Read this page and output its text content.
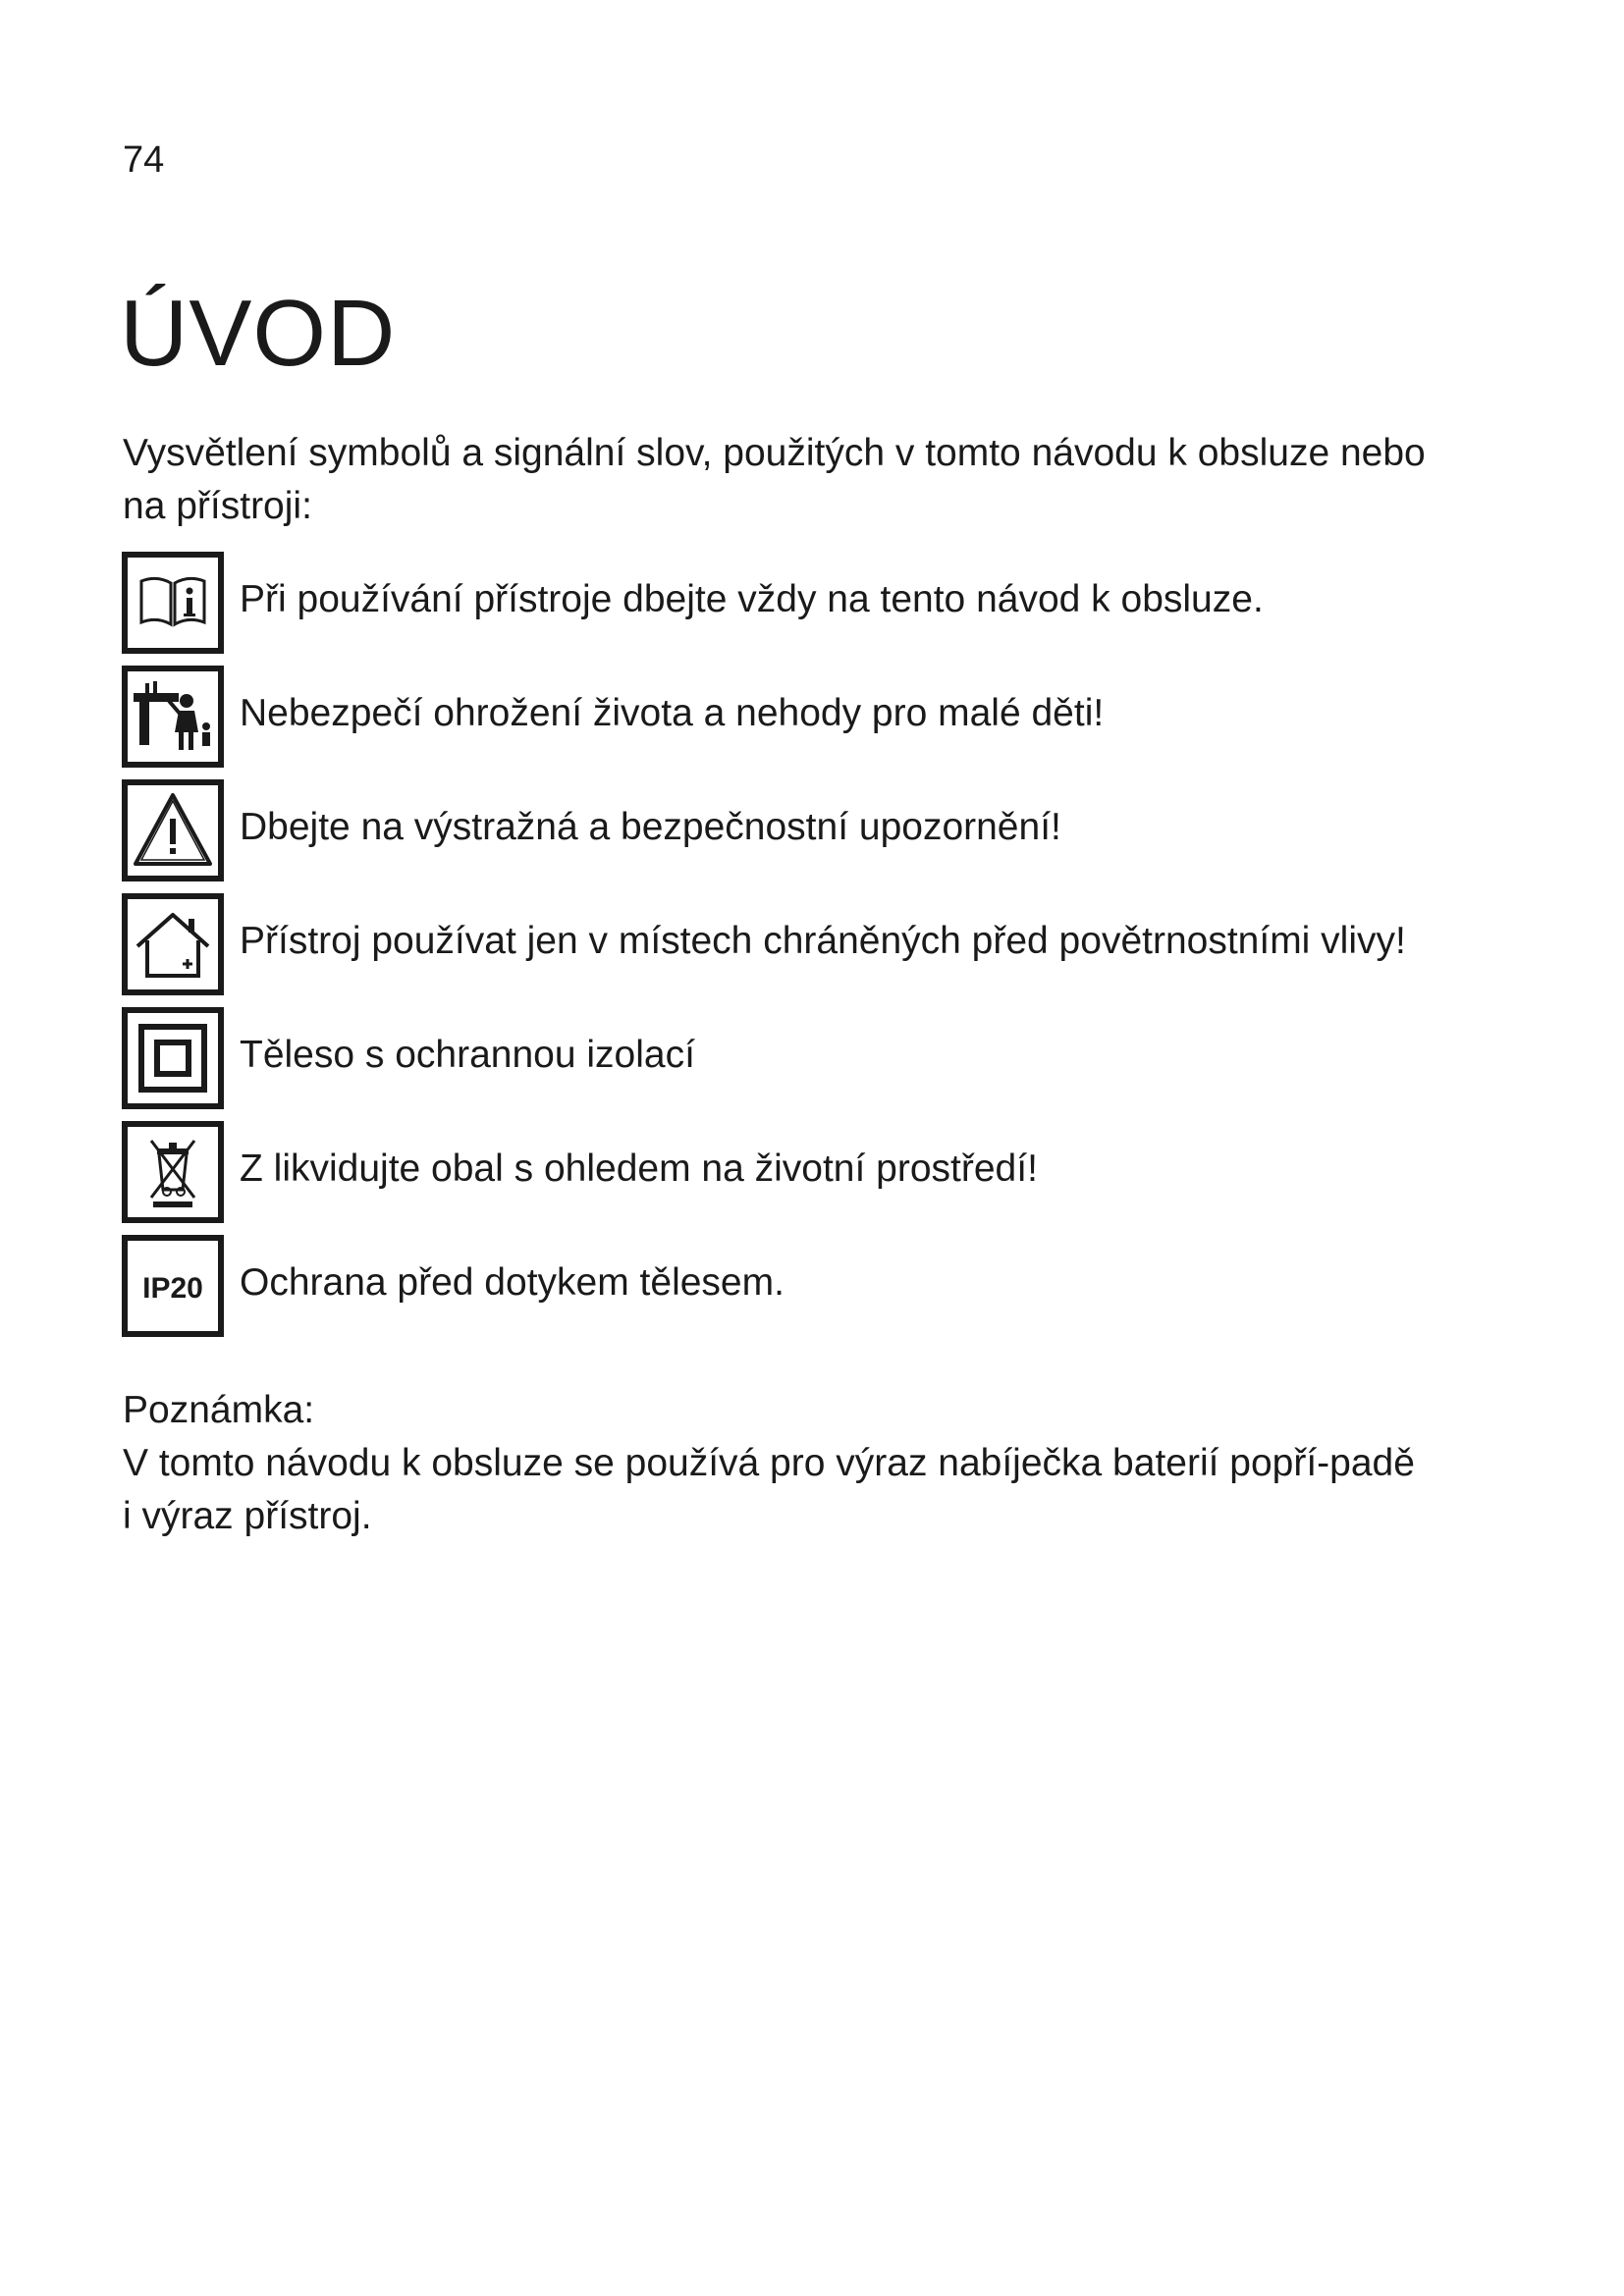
74
ÚVOD

Vysvětlení symbolů a signální slov, použitých v tomto návodu k obsluze nebo na přístroji:

Při používání přístroje dbejte vždy na tento návod k obsluze.
Nebezpečí ohrožení života a nehody pro malé děti!
Dbejte na výstražná a bezpečnostní upozornění!
Přístroj používat jen v místech chráněných před povětrnostními vlivy!
Těleso s ochrannou izolací
Z likvidujte obal s ohledem na životní prostředí!
IP20 Ochrana před dotykem tělesem.
Poznámka:
V tomto návodu k obsluze se používá pro výraz nabíječka baterií popří-padě i výraz přístroj.
